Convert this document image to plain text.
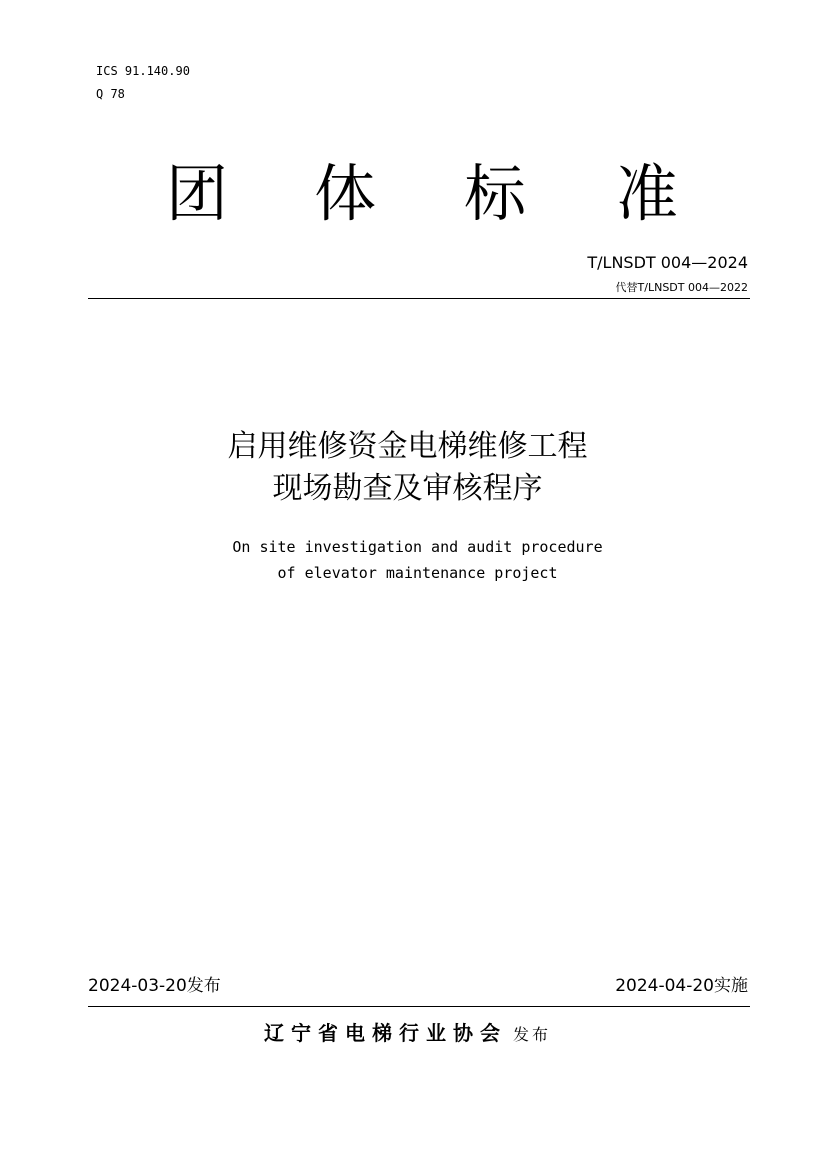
ICS 91.140.90
Q 78
团 体 标 准
T/LNSDT 004—2024
代替T/LNSDT 004—2022
启用维修资金电梯维修工程
现场勘查及审核程序
On site investigation and audit procedure
of elevator maintenance project
2024-03-20发布	2024-04-20实施
辽宁省电梯行业协会 发布
